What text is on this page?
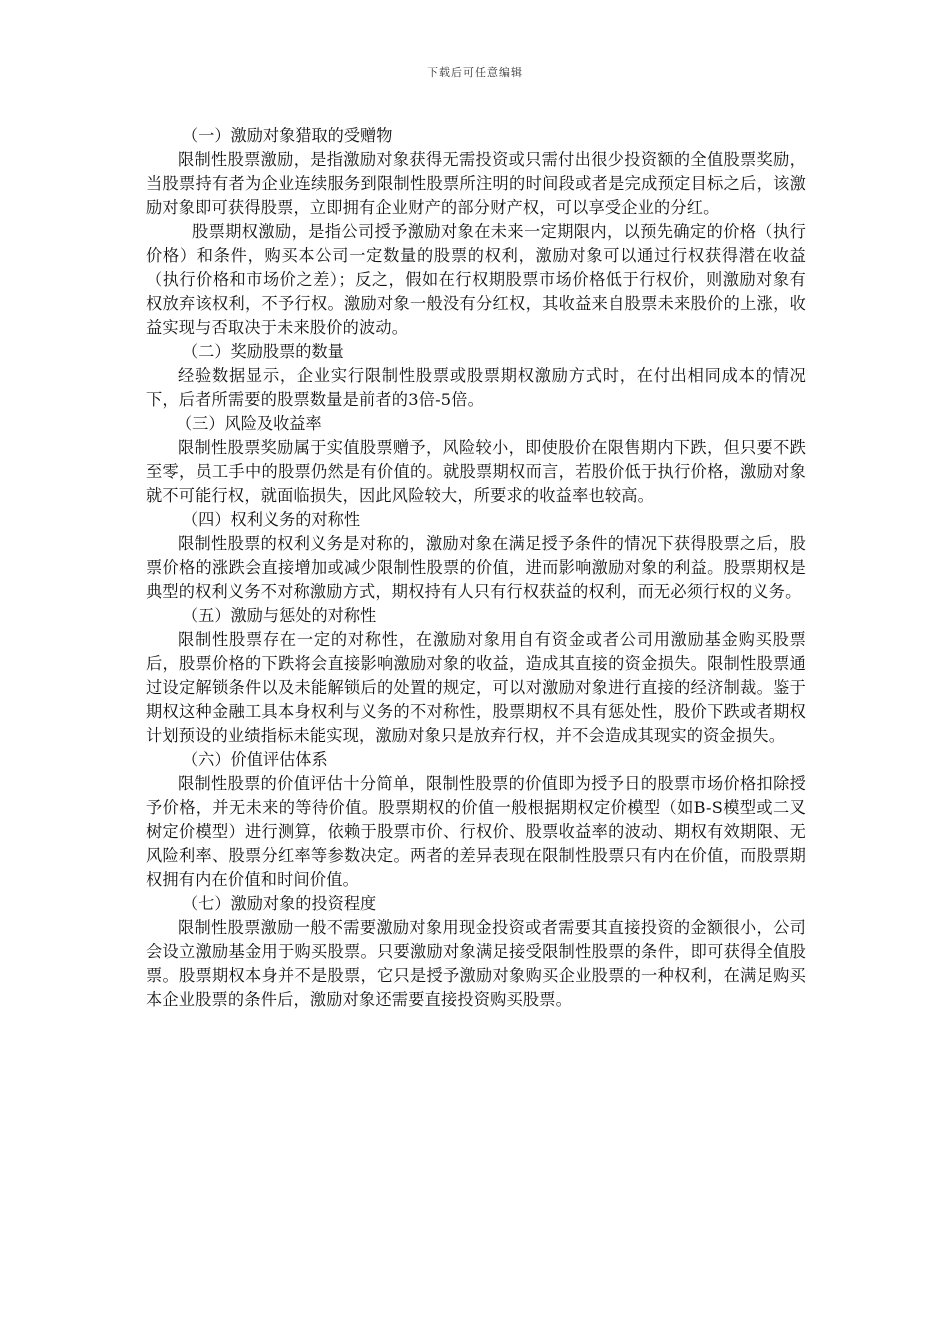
下载后可任意编辑
（一）激励对象猎取的受赠物

限制性股票激励，是指激励对象获得无需投资或只需付出很少投资额的全值股票奖励，当股票持有者为企业连续服务到限制性股票所注明的时间段或者是完成预定目标之后，该激励对象即可获得股票，立即拥有企业财产的部分财产权，可以享受企业的分红。

股票期权激励，是指公司授予激励对象在未来一定期限内，以预先确定的价格（执行价格）和条件，购买本公司一定数量的股票的权利，激励对象可以通过行权获得潜在收益（执行价格和市场价之差）；反之，假如在行权期股票市场价格低于行权价，则激励对象有权放弃该权利，不予行权。激励对象一般没有分红权，其收益来自股票未来股价的上涨，收益实现与否取决于未来股价的波动。

（二）奖励股票的数量

经验数据显示，企业实行限制性股票或股票期权激励方式时，在付出相同成本的情况下，后者所需要的股票数量是前者的3倍-5倍。

（三）风险及收益率

限制性股票奖励属于实值股票赠予，风险较小，即使股价在限售期内下跌，但只要不跌至零，员工手中的股票仍然是有价值的。就股票期权而言，若股价低于执行价格，激励对象就不可能行权，就面临损失，因此风险较大，所要求的收益率也较高。

（四）权利义务的对称性

限制性股票的权利义务是对称的，激励对象在满足授予条件的情况下获得股票之后，股票价格的涨跌会直接增加或减少限制性股票的价值，进而影响激励对象的利益。股票期权是典型的权利义务不对称激励方式，期权持有人只有行权获益的权利，而无必须行权的义务。

（五）激励与惩处的对称性

限制性股票存在一定的对称性，在激励对象用自有资金或者公司用激励基金购买股票后，股票价格的下跌将会直接影响激励对象的收益，造成其直接的资金损失。限制性股票通过设定解锁条件以及未能解锁后的处置的规定，可以对激励对象进行直接的经济制裁。鉴于期权这种金融工具本身权利与义务的不对称性，股票期权不具有惩处性，股价下跌或者期权计划预设的业绩指标未能实现，激励对象只是放弃行权，并不会造成其现实的资金损失。

（六）价值评估体系

限制性股票的价值评估十分简单，限制性股票的价值即为授予日的股票市场价格扣除授予价格，并无未来的等待价值。股票期权的价值一般根据期权定价模型（如B-S模型或二叉树定价模型）进行测算，依赖于股票市价、行权价、股票收益率的波动、期权有效期限、无风险利率、股票分红率等参数决定。两者的差异表现在限制性股票只有内在价值，而股票期权拥有内在价值和时间价值。

（七）激励对象的投资程度

限制性股票激励一般不需要激励对象用现金投资或者需要其直接投资的金额很小，公司会设立激励基金用于购买股票。只要激励对象满足接受限制性股票的条件，即可获得全值股票。股票期权本身并不是股票，它只是授予激励对象购买企业股票的一种权利，在满足购买本企业股票的条件后，激励对象还需要直接投资购买股票。
